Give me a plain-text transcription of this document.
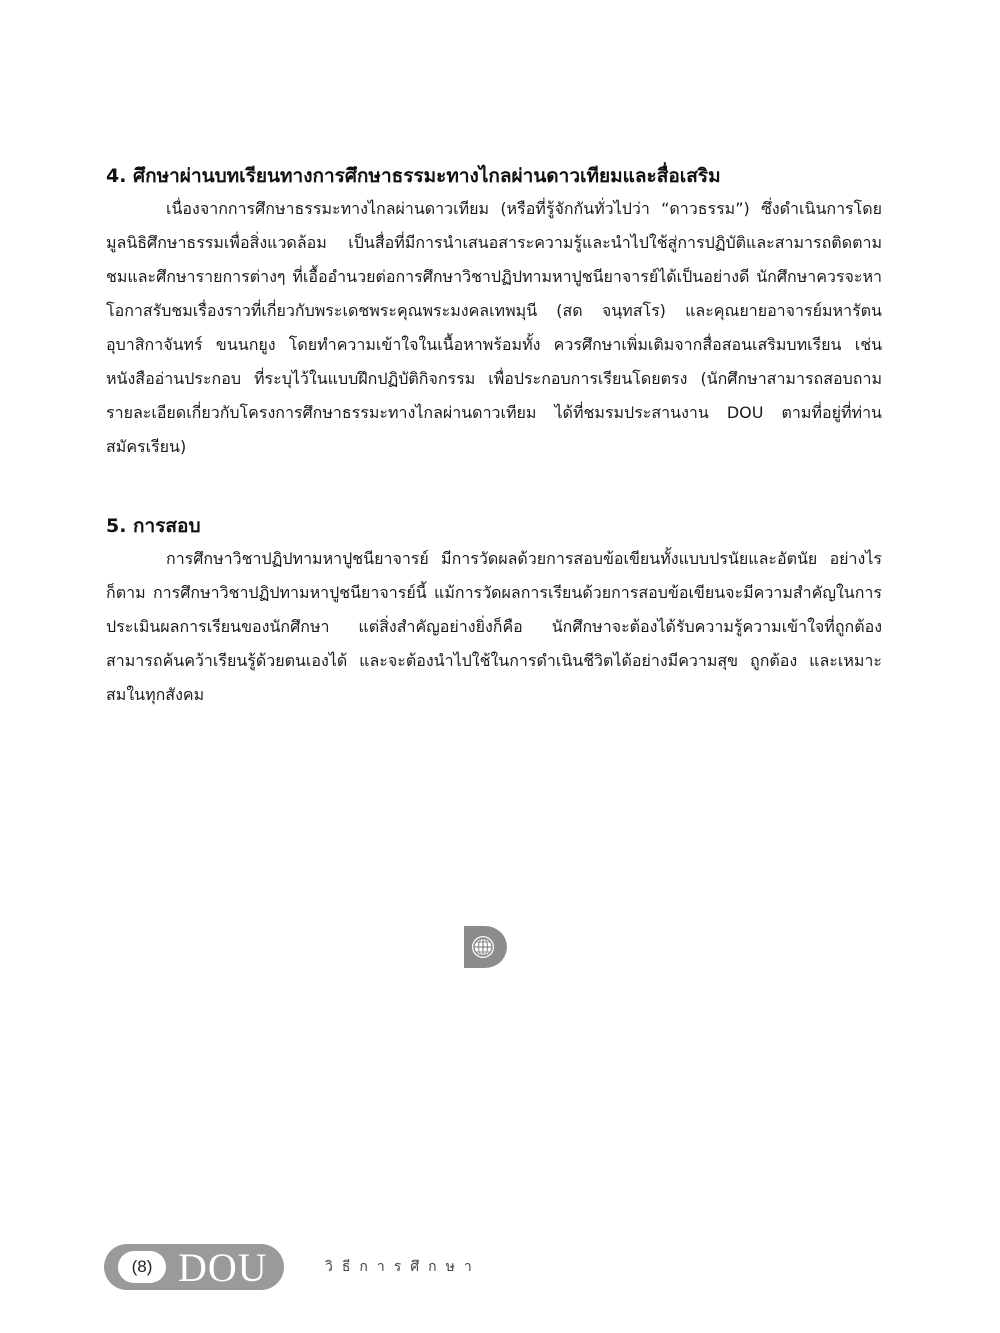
4. ศึกษาผ่านบทเรียนทางการศึกษาธรรมะทางไกลผ่านดาวเทียมและสื่อเสริม

เนื่องจากการศึกษาธรรมะทางไกลผ่านดาวเทียม (หรือที่รู้จักกันทั่วไปว่า “ดาวธรรม”) ซึ่งดำเนินการโดยมูลนิธิศึกษาธรรมเพื่อสิ่งแวดล้อม เป็นสื่อที่มีการนำเสนอสาระความรู้และนำไปใช้สู่การปฏิบัติและสามารถติดตามชมและศึกษารายการต่างๆ ที่เอื้ออำนวยต่อการศึกษาวิชาปฏิปทามหาปูชนียาจารย์ได้เป็นอย่างดี นักศึกษาควรจะหาโอกาสรับชมเรื่องราวที่เกี่ยวกับพระเดชพระคุณพระมงคลเทพมุนี (สด จนฺทสโร) และคุณยายอาจารย์มหารัตนอุบาสิกาจันทร์ ขนนกยูง โดยทำความเข้าใจในเนื้อหาพร้อมทั้ง ควรศึกษาเพิ่มเติมจากสื่อสอนเสริมบทเรียน เช่น หนังสืออ่านประกอบ ที่ระบุไว้ในแบบฝึกปฏิบัติกิจกรรม เพื่อประกอบการเรียนโดยตรง (นักศึกษาสามารถสอบถามรายละเอียดเกี่ยวกับโครงการศึกษาธรรมะทางไกลผ่านดาวเทียม ได้ที่ชมรมประสานงาน DOU ตามที่อยู่ที่ท่านสมัครเรียน)

5. การสอบ

การศึกษาวิชาปฏิปทามหาปูชนียาจารย์ มีการวัดผลด้วยการสอบข้อเขียนทั้งแบบปรนัยและอัตนัย อย่างไรก็ตาม การศึกษาวิชาปฏิปทามหาปูชนียาจารย์นี้ แม้การวัดผลการเรียนด้วยการสอบข้อเขียนจะมีความสำคัญในการประเมินผลการเรียนของนักศึกษา แต่สิ่งสำคัญอย่างยิ่งก็คือ นักศึกษาจะต้องได้รับความรู้ความเข้าใจที่ถูกต้อง สามารถค้นคว้าเรียนรู้ด้วยตนเองได้ และจะต้องนำไปใช้ในการดำเนินชีวิตได้อย่างมีความสุข ถูกต้อง และเหมาะสมในทุกสังคม

(8) DOU	วิธีการศึกษา
